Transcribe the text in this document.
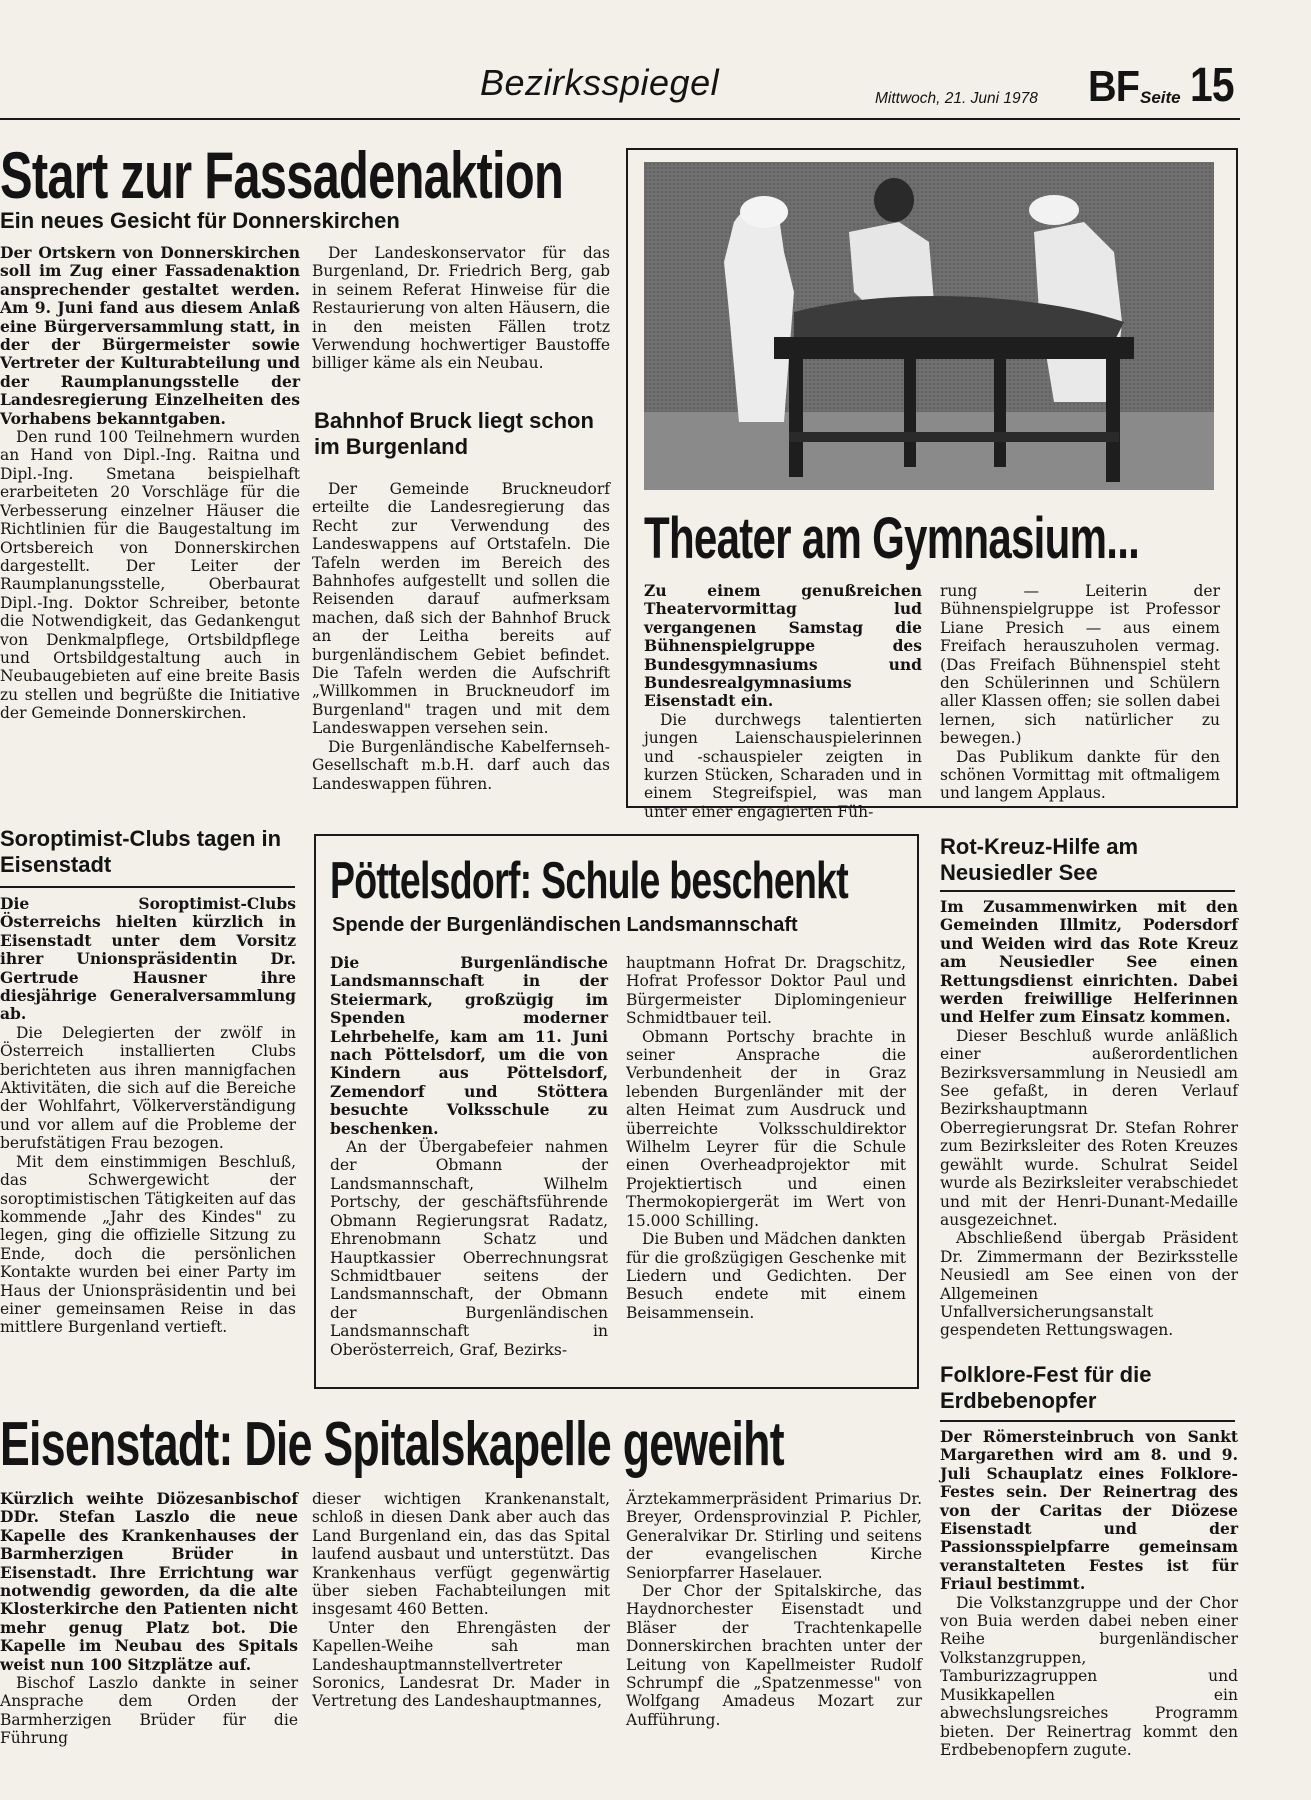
Bezirksspiegel	Mittwoch, 21. Juni 1978 BF Seite 15
Start zur Fassadenaktion
Ein neues Gesicht für Donnerskirchen

Der Ortskern von Donnerskirchen soll im Zug einer Fassadenaktion ansprechender gestaltet werden. Am 9. Juni fand aus diesem Anlaß eine Bürgerversammlung statt, in der der Bürgermeister sowie Vertreter der Kulturabteilung und der Raumplanungsstelle der Landesregierung Einzelheiten des Vorhabens bekanntgaben.

Den rund 100 Teilnehmern wurden an Hand von Dipl.-Ing. Raitna und Dipl.-Ing. Smetana beispielhaft erarbeiteten 20 Vorschläge für die Verbesserung einzelner Häuser die Richtlinien für die Baugestaltung im Ortsbereich von Donnerskirchen dargestellt. Der Leiter der Raumplanungsstelle, Oberbaurat Dipl.-Ing. Doktor Schreiber, betonte die Notwendigkeit, das Gedankengut von Denkmalpflege, Ortsbildpflege und Ortsbildgestaltung auch in Neubaugebieten auf eine breite Basis zu stellen und begrüßte die Initiative der Gemeinde Donnerskirchen.

Der Landeskonservator für das Burgenland, Dr. Friedrich Berg, gab in seinem Referat Hinweise für die Restaurierung von alten Häusern, die in den meisten Fällen trotz Verwendung hochwertiger Baustoffe billiger käme als ein Neubau.

Bahnhof Bruck liegt schon im Burgenland

Der Gemeinde Bruckneudorf erteilte die Landesregierung das Recht zur Verwendung des Landeswappens auf Ortstafeln. Die Tafeln werden im Bereich des Bahnhofes aufgestellt und sollen die Reisenden darauf aufmerksam machen, daß sich der Bahnhof Bruck an der Leitha bereits auf burgenländischem Gebiet befindet. Die Tafeln werden die Aufschrift „Willkommen in Bruckneudorf im Burgenland" tragen und mit dem Landeswappen versehen sein.

Die Burgenländische Kabelfernseh-Gesellschaft m.b.H. darf auch das Landeswappen führen.

Theater am Gymnasium...

Zu einem genußreichen Theatervormittag lud vergangenen Samstag die Bühnenspielgruppe des Bundesgymnasiums und Bundesrealgymnasiums Eisenstadt ein.

Die durchwegs talentierten jungen Laienschauspielerinnen und -schauspieler zeigten in kurzen Stücken, Scharaden und in einem Stegreifspiel, was man unter einer engagierten Füh-

rung — Leiterin der Bühnenspielgruppe ist Professor Liane Presich — aus einem Freifach herauszuholen vermag. (Das Freifach Bühnenspiel steht den Schülerinnen und Schülern aller Klassen offen; sie sollen dabei lernen, sich natürlicher zu bewegen.)

Das Publikum dankte für den schönen Vormittag mit oftmaligem und langem Applaus.

Soroptimist-Clubs tagen in Eisenstadt

Die Soroptimist-Clubs Österreichs hielten kürzlich in Eisenstadt unter dem Vorsitz ihrer Unionspräsidentin Dr. Gertrude Hausner ihre diesjährige Generalversammlung ab.

Die Delegierten der zwölf in Österreich installierten Clubs berichteten aus ihren mannigfachen Aktivitäten, die sich auf die Bereiche der Wohlfahrt, Völkerverständigung und vor allem auf die Probleme der berufstätigen Frau bezogen.

Mit dem einstimmigen Beschluß, das Schwergewicht der soroptimistischen Tätigkeiten auf das kommende „Jahr des Kindes" zu legen, ging die offizielle Sitzung zu Ende, doch die persönlichen Kontakte wurden bei einer Party im Haus der Unionspräsidentin und bei einer gemeinsamen Reise in das mittlere Burgenland vertieft.

Pöttelsdorf: Schule beschenkt
Spende der Burgenländischen Landsmannschaft

Die Burgenländische Landsmannschaft in der Steiermark, großzügig im Spenden moderner Lehrbehelfe, kam am 11. Juni nach Pöttelsdorf, um die von Kindern aus Pöttelsdorf, Zemendorf und Stöttera besuchte Volksschule zu beschenken.

An der Übergabefeier nahmen der Obmann der Landsmannschaft, Wilhelm Portschy, der geschäftsführende Obmann Regierungsrat Radatz, Ehrenobmann Schatz und Hauptkassier Oberrechnungsrat Schmidtbauer seitens der Landsmannschaft, der Obmann der Burgenländischen Landsmannschaft in Oberösterreich, Graf, Bezirks-

hauptmann Hofrat Dr. Dragschitz, Hofrat Professor Doktor Paul und Bürgermeister Diplomingenieur Schmidtbauer teil.

Obmann Portschy brachte in seiner Ansprache die Verbundenheit der in Graz lebenden Burgenländer mit der alten Heimat zum Ausdruck und überreichte Volksschuldirektor Wilhelm Leyrer für die Schule einen Overheadprojektor mit Projektiertisch und einen Thermokopiergerät im Wert von 15.000 Schilling.

Die Buben und Mädchen dankten für die großzügigen Geschenke mit Liedern und Gedichten. Der Besuch endete mit einem Beisammensein.

Rot-Kreuz-Hilfe am Neusiedler See

Im Zusammenwirken mit den Gemeinden Illmitz, Podersdorf und Weiden wird das Rote Kreuz am Neusiedler See einen Rettungsdienst einrichten. Dabei werden freiwillige Helferinnen und Helfer zum Einsatz kommen.

Dieser Beschluß wurde anläßlich einer außerordentlichen Bezirksversammlung in Neusiedl am See gefaßt, in deren Verlauf Bezirkshauptmann Oberregierungsrat Dr. Stefan Rohrer zum Bezirksleiter des Roten Kreuzes gewählt wurde. Schulrat Seidel wurde als Bezirksleiter verabschiedet und mit der Henri-Dunant-Medaille ausgezeichnet.

Abschließend übergab Präsident Dr. Zimmermann der Bezirksstelle Neusiedl am See einen von der Allgemeinen Unfallversicherungsanstalt gespendeten Rettungswagen.

Folklore-Fest für die Erdbebenopfer

Der Römersteinbruch von Sankt Margarethen wird am 8. und 9. Juli Schauplatz eines Folklore-Festes sein. Der Reinertrag des von der Caritas der Diözese Eisenstadt und der Passionsspielpfarre gemeinsam veranstalteten Festes ist für Friaul bestimmt.

Die Volkstanzgruppe und der Chor von Buia werden dabei neben einer Reihe burgenländischer Volkstanzgruppen, Tamburizzagruppen und Musikkapellen ein abwechslungsreiches Programm bieten. Der Reinertrag kommt den Erdbebenopfern zugute.

Eisenstadt: Die Spitalskapelle geweiht

Kürzlich weihte Diözesanbischof DDr. Stefan Laszlo die neue Kapelle des Krankenhauses der Barmherzigen Brüder in Eisenstadt. Ihre Errichtung war notwendig geworden, da die alte Klosterkirche den Patienten nicht mehr genug Platz bot. Die Kapelle im Neubau des Spitals weist nun 100 Sitzplätze auf.

Bischof Laszlo dankte in seiner Ansprache dem Orden der Barmherzigen Brüder für die Führung

dieser wichtigen Krankenanstalt, schloß in diesen Dank aber auch das Land Burgenland ein, das das Spital laufend ausbaut und unterstützt. Das Krankenhaus verfügt gegenwärtig über sieben Fachabteilungen mit insgesamt 460 Betten.

Unter den Ehrengästen der Kapellen-Weihe sah man Landeshauptmannstellvertreter Soronics, Landesrat Dr. Mader in Vertretung des Landeshauptmannes,

Ärztekammerpräsident Primarius Dr. Breyer, Ordensprovinzial P. Pichler, Generalvikar Dr. Stirling und seitens der evangelischen Kirche Seniorpfarrer Haselauer.

Der Chor der Spitalskirche, das Haydnorchester Eisenstadt und Bläser der Trachtenkapelle Donnerskirchen brachten unter der Leitung von Kapellmeister Rudolf Schrumpf die „Spatzenmesse" von Wolfgang Amadeus Mozart zur Aufführung.
